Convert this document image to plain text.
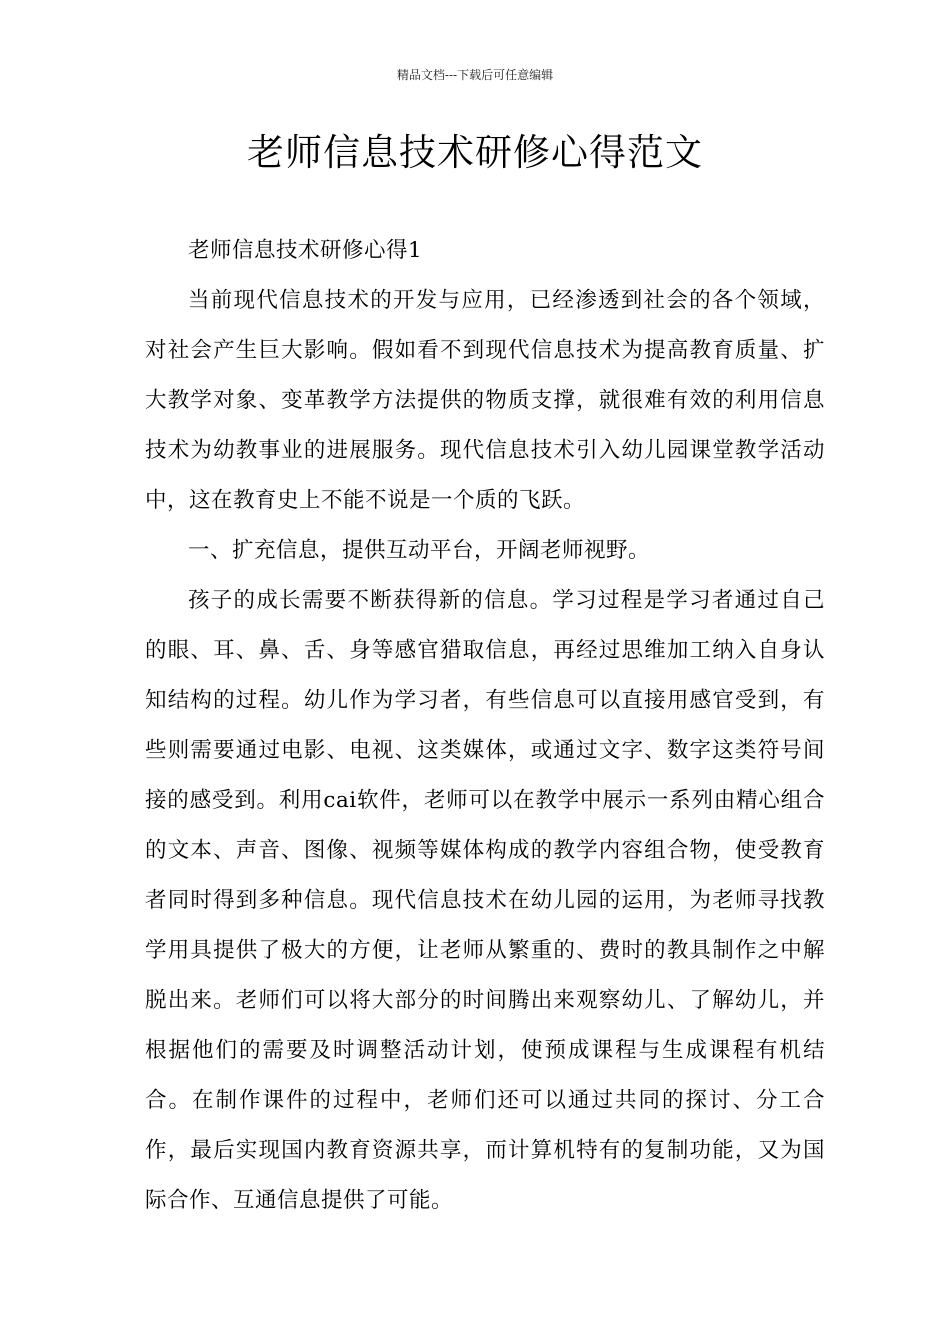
精品文档---下载后可任意编辑
老师信息技术研修心得范文

老师信息技术研修心得1

当前现代信息技术的开发与应用，已经渗透到社会的各个领域，对社会产生巨大影响。假如看不到现代信息技术为提高教育质量、扩大教学对象、变革教学方法提供的物质支撑，就很难有效的利用信息技术为幼教事业的进展服务。现代信息技术引入幼儿园课堂教学活动中，这在教育史上不能不说是一个质的飞跃。

一、扩充信息，提供互动平台，开阔老师视野。

孩子的成长需要不断获得新的信息。学习过程是学习者通过自己的眼、耳、鼻、舌、身等感官猎取信息，再经过思维加工纳入自身认知结构的过程。幼儿作为学习者，有些信息可以直接用感官受到，有些则需要通过电影、电视、这类媒体，或通过文字、数字这类符号间接的感受到。利用cai软件，老师可以在教学中展示一系列由精心组合的文本、声音、图像、视频等媒体构成的教学内容组合物，使受教育者同时得到多种信息。现代信息技术在幼儿园的运用，为老师寻找教学用具提供了极大的方便，让老师从繁重的、费时的教具制作之中解脱出来。老师们可以将大部分的时间腾出来观察幼儿、了解幼儿，并根据他们的需要及时调整活动计划，使预成课程与生成课程有机结合。在制作课件的过程中，老师们还可以通过共同的探讨、分工合作，最后实现国内教育资源共享，而计算机特有的复制功能，又为国际合作、互通信息提供了可能。
